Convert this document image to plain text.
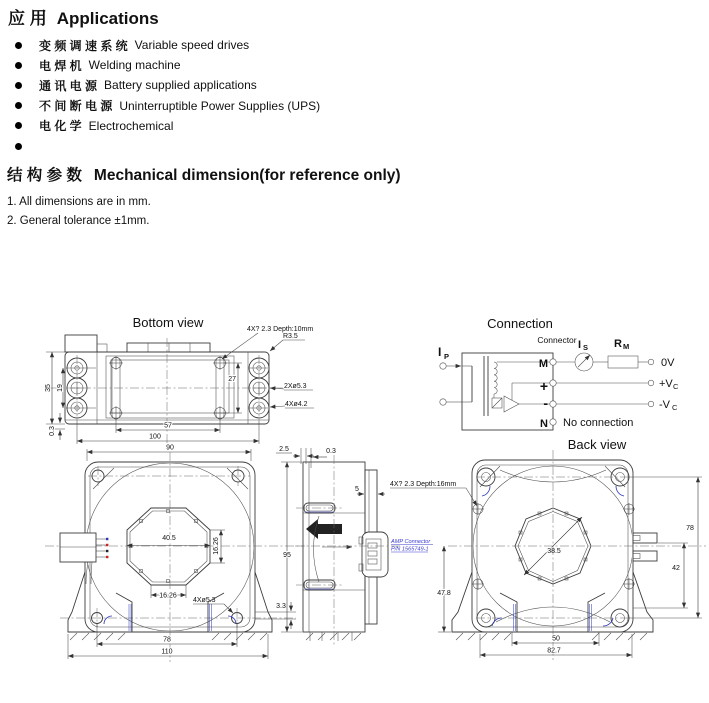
应 用 Applications
变 频 调 速 系 统 Variable speed drives
电 焊 机 Welding machine
通 讯 电 源 Battery supplied applications
不 间 断 电 源 Uninterruptible Power Supplies (UPS)
电 化 学 Electrochemical
结 构 参 数 Mechanical dimension(for reference only)
1. All dimensions are in mm.
2. General tolerance ±1mm.
Bottom view
35 19
0.3
27
57
100
4X? 2.3 Depth:10mm
R3.5
2Xø5.3
4Xø4.2
Connection
Connector
I P
M
+
-
N
I S R M
0V
+V C
-V C
No connection
90
40.5	16.26
16.26
4Xø5.3
3.3
78
110
AMP Connector
P/N 1565749-1
2.5	0.3
5
95
4X? 2.3 Depth:16mm
Back view
38.5
78
42
47.8
50
82.7
